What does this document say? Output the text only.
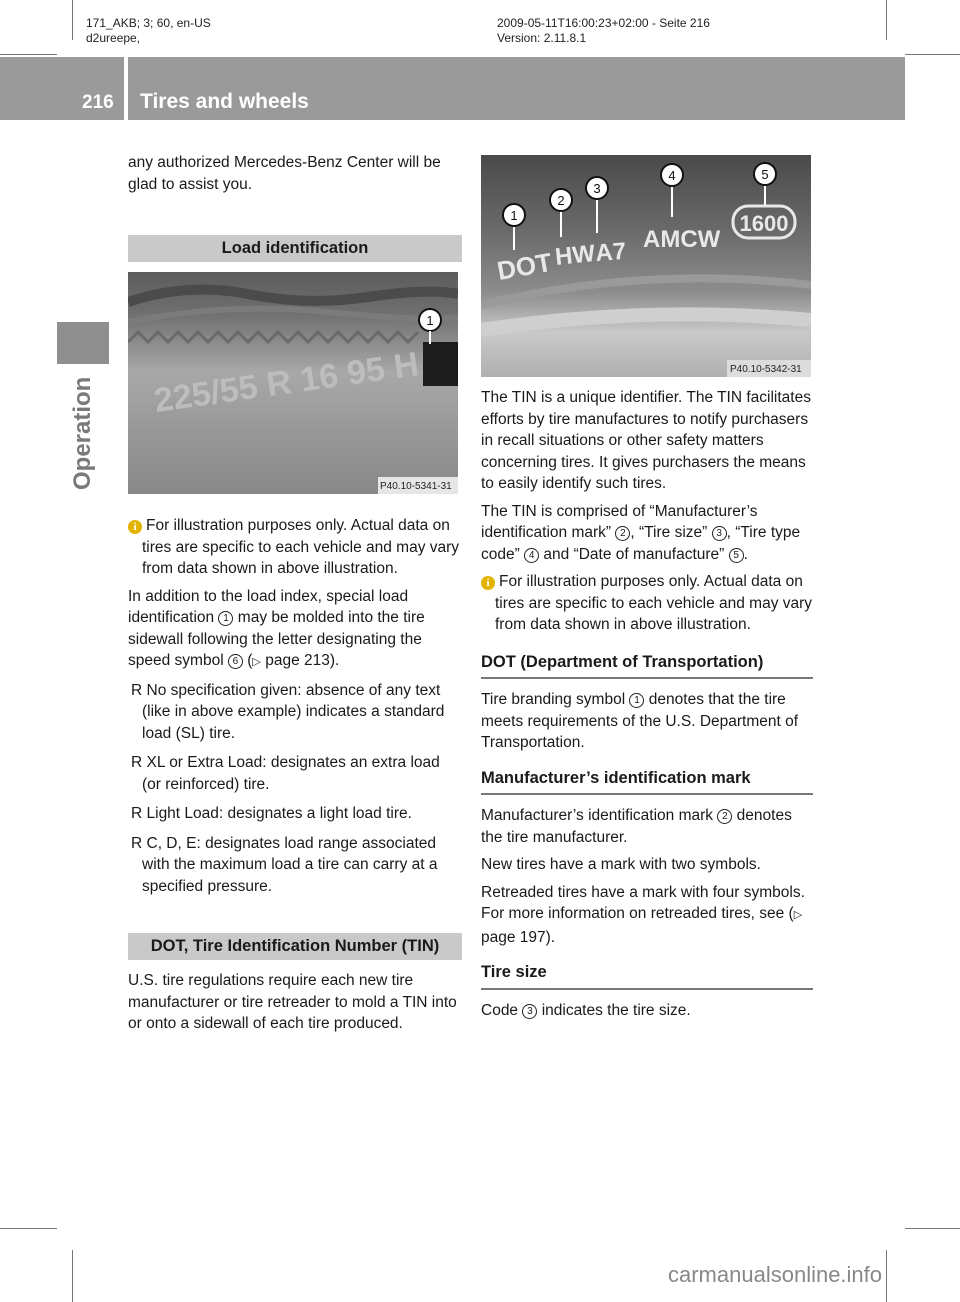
171_AKB; 3; 60, en-US
d2ureepe,
2009-05-11T16:00:23+02:00 - Seite 216
Version: 2.11.8.1
216 Tires and wheels
Operation

any authorized Mercedes-Benz Center will be glad to assist you.

Load identification
225/55 R 16 95 H
1
P40.10-5341-31

i For illustration purposes only. Actual data on tires are specific to each vehicle and may vary from data shown in above illustration.

In addition to the load index, special load identification 1 may be molded into the tire sidewall following the letter designating the speed symbol 6 (▷ page 213).

R No specification given: absence of any text (like in above example) indicates a standard load (SL) tire.

R XL or Extra Load: designates an extra load (or reinforced) tire.

R Light Load: designates a light load tire.

R C, D, E: designates load range associated with the maximum load a tire can carry at a specified pressure.

DOT, Tire Identification Number (TIN)

U.S. tire regulations require each new tire manufacturer or tire retreader to mold a TIN into or onto a sidewall of each tire produced.

DOT HW
A7 AMCW
1600
1
2
3
4	5
P40.10-5342-31

The TIN is a unique identifier. The TIN facilitates efforts by tire manufactures to notify purchasers in recall situations or other safety matters concerning tires. It gives purchasers the means to easily identify such tires.

The TIN is comprised of “Manufacturer’s identification mark” 2 , “Tire size” 3 , “Tire type code” 4 and “Date of manufacture” 5 .

i For illustration purposes only. Actual data on tires are specific to each vehicle and may vary from data shown in above illustration.

DOT (Department of Transportation)

Tire branding symbol 1 denotes that the tire meets requirements of the U.S. Department of Transportation.

Manufacturer’s identification mark

Manufacturer’s identification mark 2 denotes the tire manufacturer.

New tires have a mark with two symbols.

Retreaded tires have a mark with four symbols. For more information on retreaded tires, see (▷ page 197).

Tire size

Code 3 indicates the tire size.

carmanualsonline.info
